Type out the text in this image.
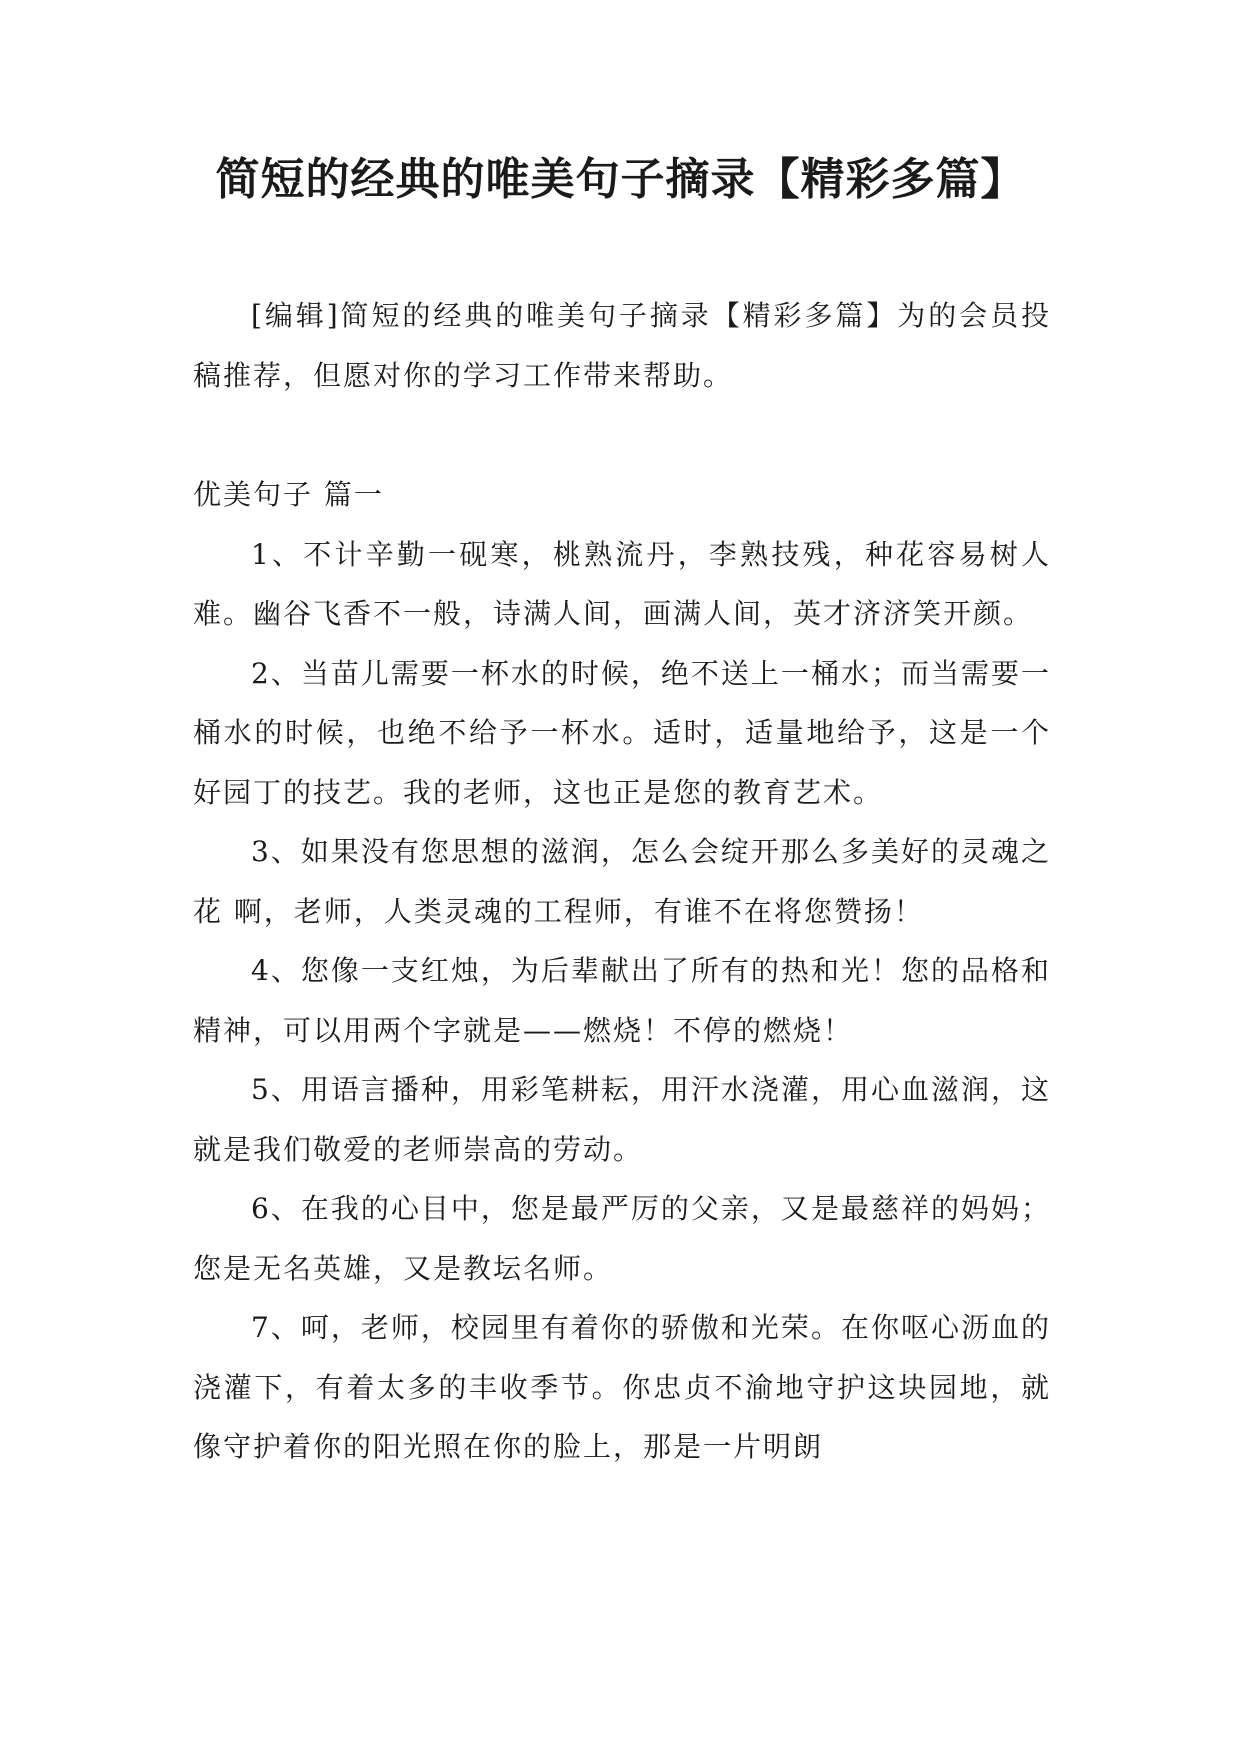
简短的经典的唯美句子摘录【精彩多篇】

[编辑]简短的经典的唯美句子摘录【精彩多篇】为的会员投稿推荐，但愿对你的学习工作带来帮助。

优美句子 篇一

1、不计辛勤一砚寒，桃熟流丹，李熟技残，种花容易树人难。幽谷飞香不一般，诗满人间，画满人间，英才济济笑开颜。

2、当苗儿需要一杯水的时候，绝不送上一桶水；而当需要一桶水的时候，也绝不给予一杯水。适时，适量地给予，这是一个好园丁的技艺。我的老师，这也正是您的教育艺术。

3、如果没有您思想的滋润，怎么会绽开那么多美好的灵魂之花 啊，老师，人类灵魂的工程师，有谁不在将您赞扬！

4、您像一支红烛，为后辈献出了所有的热和光！您的品格和精神，可以用两个字就是——燃烧！不停的燃烧！

5、用语言播种，用彩笔耕耘，用汗水浇灌，用心血滋润，这就是我们敬爱的老师崇高的劳动。

6、在我的心目中，您是最严厉的父亲，又是最慈祥的妈妈；您是无名英雄，又是教坛名师。

7、呵，老师，校园里有着你的骄傲和光荣。在你呕心沥血的浇灌下，有着太多的丰收季节。你忠贞不渝地守护这块园地，就像守护着你的阳光照在你的脸上，那是一片明朗
